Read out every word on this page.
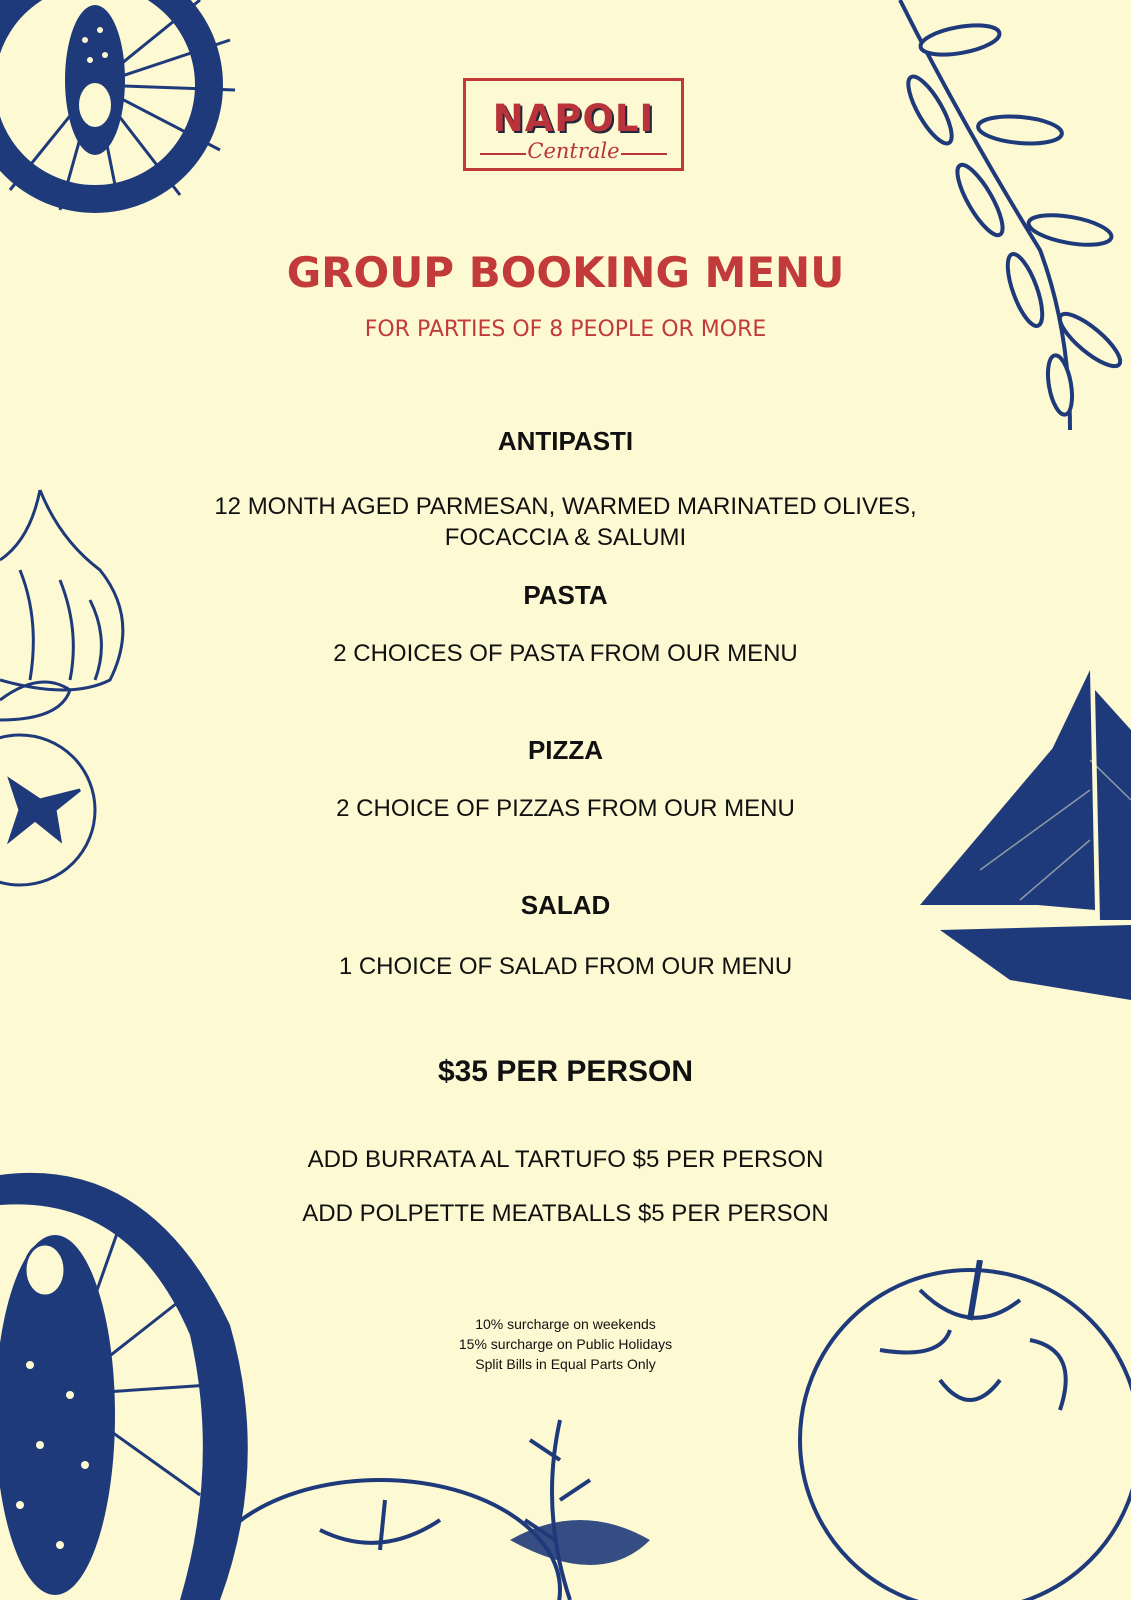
NAPOLI
Centrale
GROUP BOOKING MENU
FOR PARTIES OF 8 PEOPLE OR MORE
ANTIPASTI
12 MONTH AGED PARMESAN, WARMED MARINATED OLIVES,
FOCACCIA & SALUMI
PASTA
2 CHOICES OF PASTA FROM OUR MENU
PIZZA
2 CHOICE OF PIZZAS FROM OUR MENU
SALAD
1 CHOICE OF SALAD FROM OUR MENU
$35 PER PERSON
ADD BURRATA AL TARTUFO $5 PER PERSON
ADD POLPETTE MEATBALLS $5 PER PERSON
10% surcharge on weekends
15% surcharge on Public Holidays
Split Bills in Equal Parts Only
